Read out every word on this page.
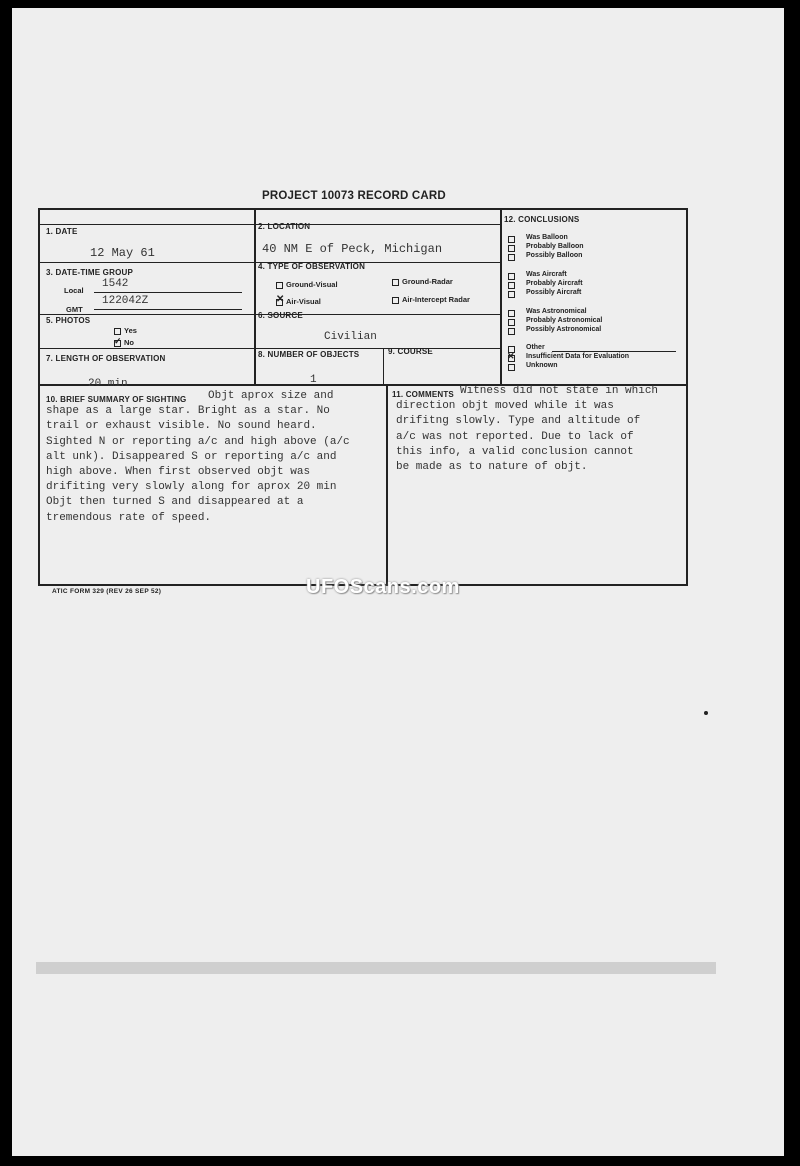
PROJECT 10073 RECORD CARD
1. DATE
12 May 61
2. LOCATION
40 NM E of Peck, Michigan
3. DATE-TIME GROUP
Local
1542
GMT
122042Z
4. TYPE OF OBSERVATION
Ground-Visual	Ground-Radar
✕ Air-Visual	Air-Intercept Radar
5. PHOTOS
Yes
✓ No
6. SOURCE
Civilian
7. LENGTH OF OBSERVATION
20 min
8. NUMBER OF OBJECTS
1
9. COURSE
12. CONCLUSIONS
Was Balloon
Probably Balloon
Possibly Balloon
Was Aircraft
Probably Aircraft
Possibly Aircraft
Was Astronomical
Probably Astronomical
Possibly Astronomical
Other
✕ Insufficient Data for Evaluation
Unknown
10. BRIEF SUMMARY OF SIGHTING Objt aprox size and
shape as a large star. Bright as a star. No
trail or exhaust visible. No sound heard.
Sighted N or reporting a/c and high above (a/c
alt unk). Disappeared S or reporting a/c and
high above. When first observed objt was
drifiting very slowly along for aprox 20 min
Objt then turned S and disappeared at a
tremendous rate of speed.
11. COMMENTS Witness did not state in which
direction objt moved while it was
drifitng slowly. Type and altitude of
a/c was not reported. Due to lack of
this info, a valid conclusion cannot
be made as to nature of objt.
ATIC FORM 329 (REV 26 SEP 52)	UFOScans.com
